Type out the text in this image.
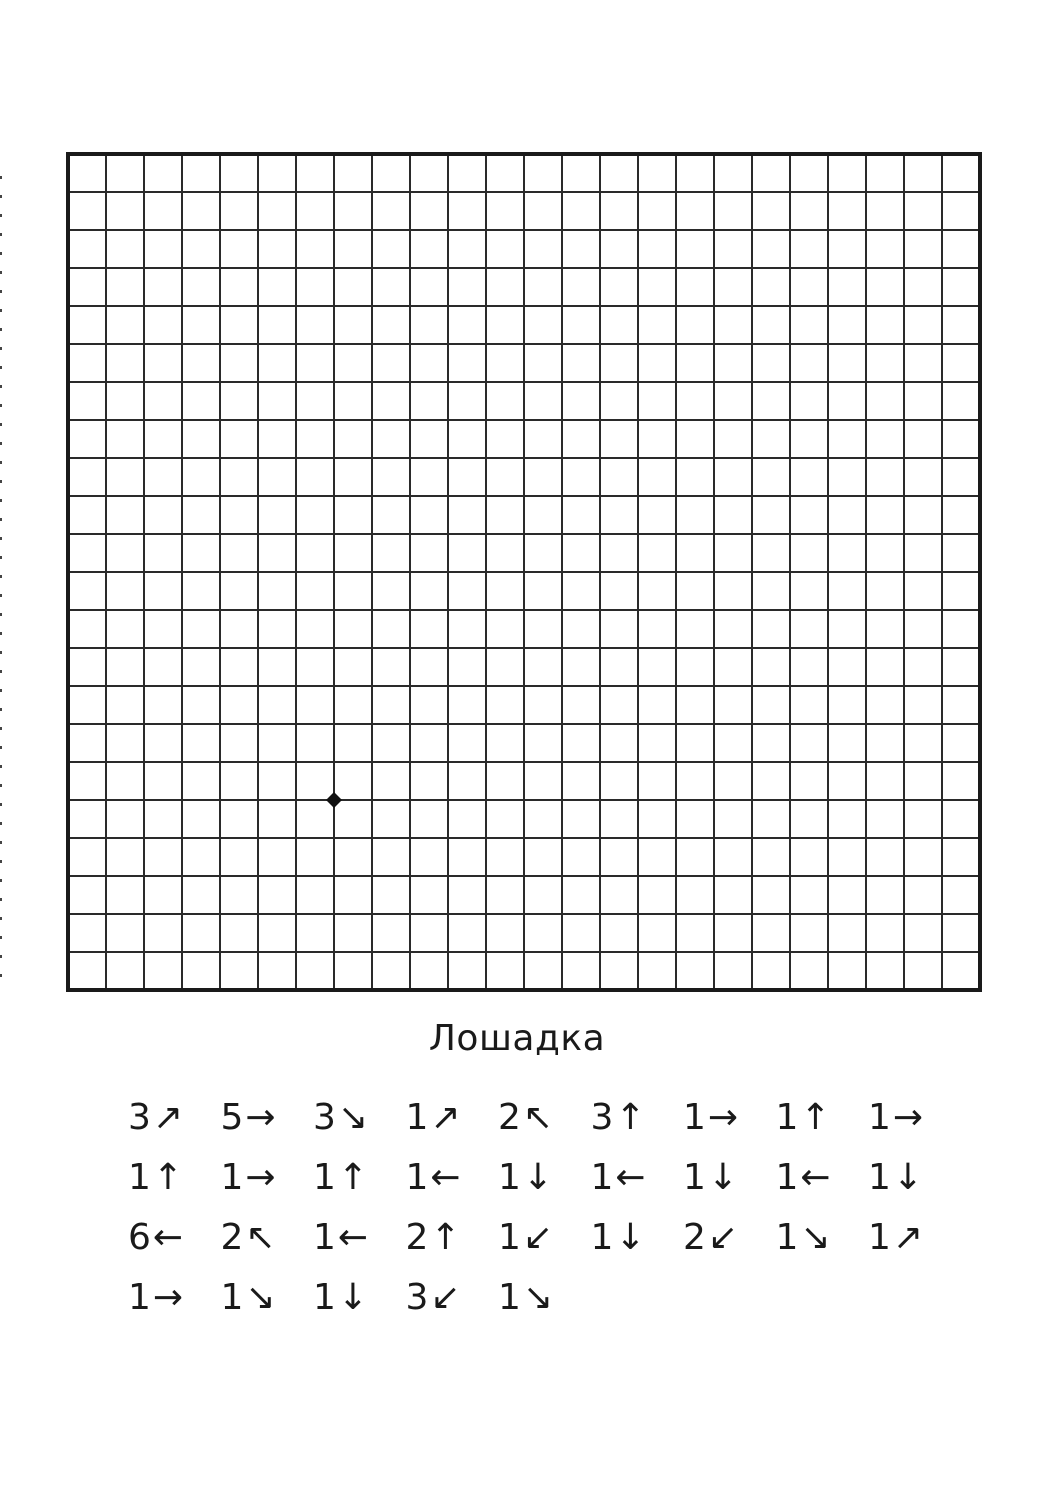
Лошадка
3↗ 5→ 3↘ 1↗ 2↖ 3↑ 1→ 1↑ 1→
1↑ 1→ 1↑ 1← 1↓ 1← 1↓ 1← 1↓
6← 2↖ 1← 2↑ 1↙ 1↓ 2↙ 1↘ 1↗
1→ 1↘ 1↓ 3↙ 1↘
